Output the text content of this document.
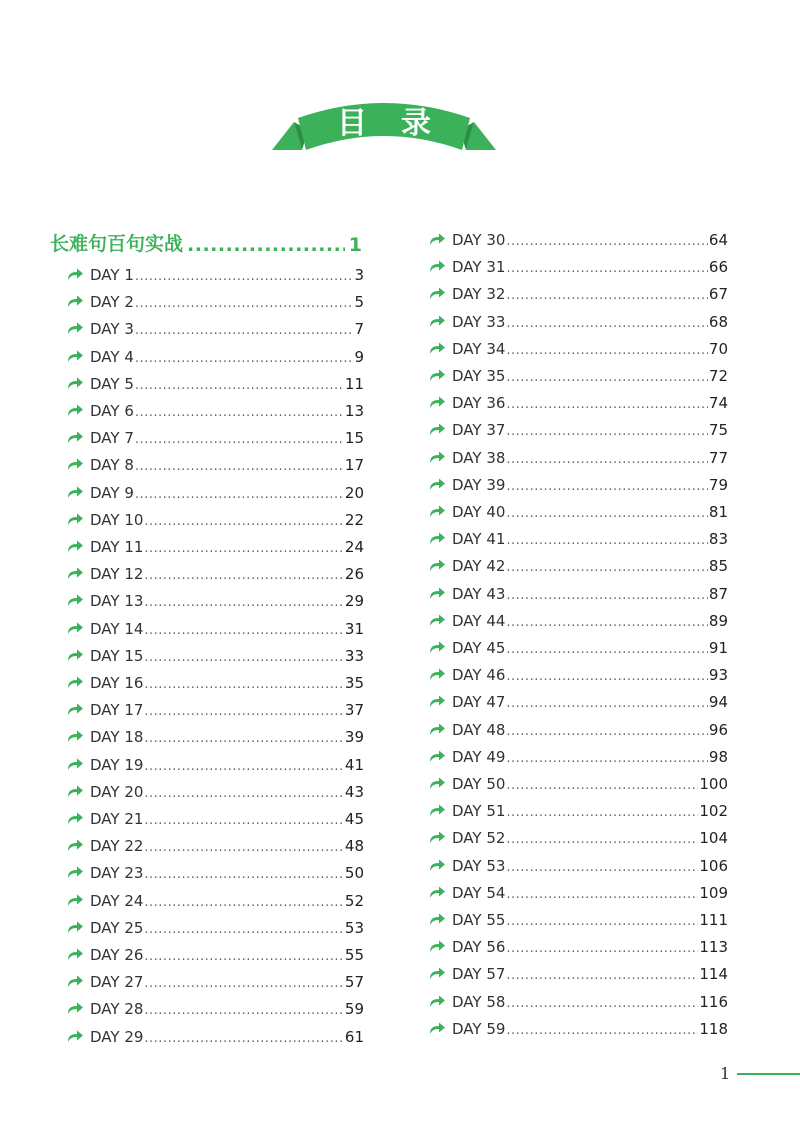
目录
长难句百句实战 .....	1
DAY 1 .....	3
DAY 2 .....	5
DAY 3 .....	7
DAY 4 .....	9
DAY 5 .....	11
DAY 6 .....	13
DAY 7 .....	15
DAY 8 .....	17
DAY 9 .....	20
DAY 10 .....	22
DAY 11 .....	24
DAY 12 .....	26
DAY 13 .....	29
DAY 14 .....	31
DAY 15 .....	33
DAY 16 .....	35
DAY 17 .....	37
DAY 18 .....	39
DAY 19 .....	41
DAY 20 .....	43
DAY 21 .....	45
DAY 22 .....	48
DAY 23 .....	50
DAY 24 .....	52
DAY 25 .....	53
DAY 26 .....	55
DAY 27 .....	57
DAY 28 .....	59
DAY 29 .....	61
DAY 30 .....	64
DAY 31 .....	66
DAY 32 .....	67
DAY 33 .....	68
DAY 34 .....	70
DAY 35 .....	72
DAY 36 .....	74
DAY 37 .....	75
DAY 38 .....	77
DAY 39 .....	79
DAY 40 .....	81
DAY 41 .....	83
DAY 42 .....	85
DAY 43 .....	87
DAY 44 .....	89
DAY 45 .....	91
DAY 46 .....	93
DAY 47 .....	94
DAY 48 .....	96
DAY 49 .....	98
DAY 50 .....	100
DAY 51 .....	102
DAY 52 .....	104
DAY 53 .....	106
DAY 54 .....	109
DAY 55 .....	111
DAY 56 .....	113
DAY 57 .....	114
DAY 58 .....	116
DAY 59 .....	118
1
